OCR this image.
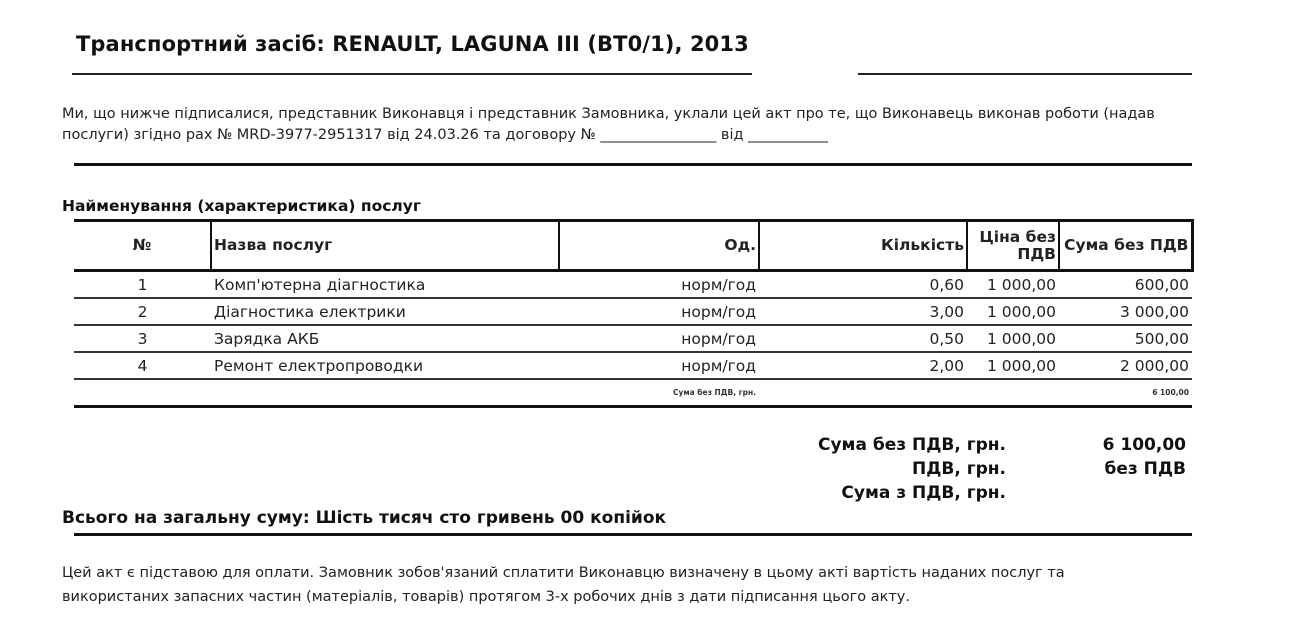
Транспортний засіб: RENAULT, LAGUNA III (BT0/1), 2013
Ми, що нижче підписалися, представник Виконавця і представник Замовника, уклали цей акт про те, що Виконавець виконав роботи (надав
послуги) згідно рах № MRD-3977-2951317 від 24.03.26 та договору № ________________ від ___________
Найменування (характеристика) послуг
№	Назва послуг	Од.	Кількість	Ціна без ПДВ	Сума без ПДВ
1	Комп'ютерна діагностика	норм/год	0,60	1 000,00	600,00
2	Діагностика електрики	норм/год	3,00	1 000,00	3 000,00
3	Зарядка АКБ	норм/год	0,50	1 000,00	500,00
4	Ремонт електропроводки	норм/год	2,00	1 000,00	2 000,00
	Сума без ПДВ, грн.				6 100,00
Сума без ПДВ, грн.	6 100,00
ПДВ, грн.	без ПДВ
Сума з ПДВ, грн.
Всього на загальну суму: Шість тисяч сто гривень 00 копійок
Цей акт є підставою для оплати. Замовник зобов'язаний сплатити Виконавцю визначену в цьому акті вартість наданих послуг та
використаних запасних частин (матеріалів, товарів) протягом 3-х робочих днів з дати підписання цього акту.
